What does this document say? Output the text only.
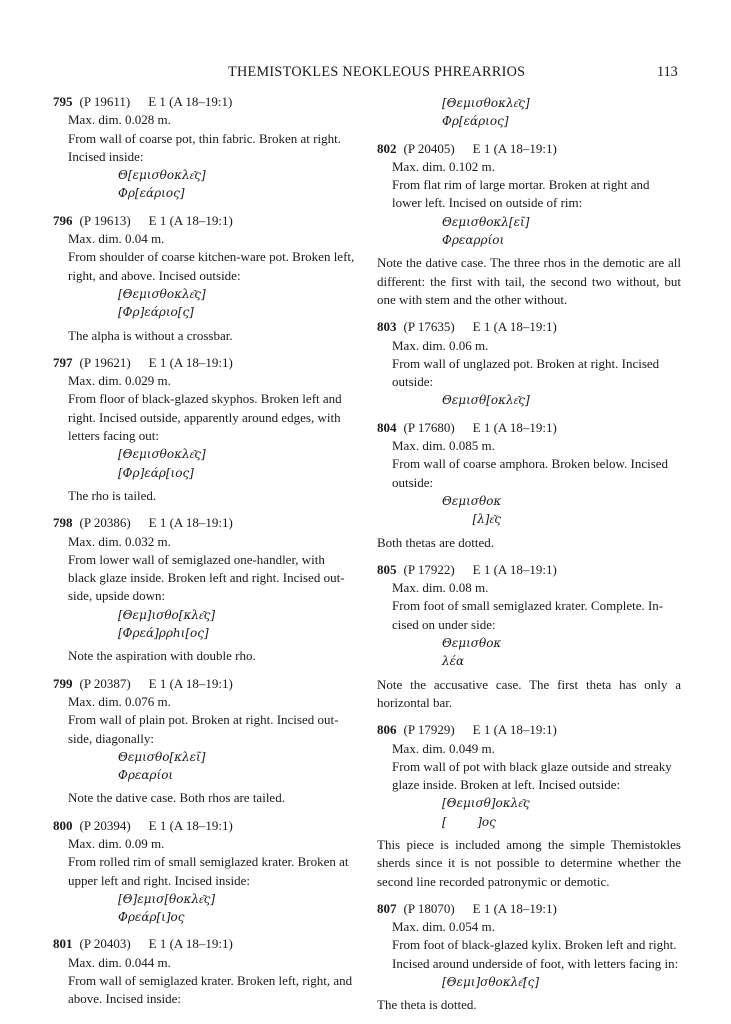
THEMISTOKLES NEOKLEOUS PHREARRIOS	113
795 (P 19611) E 1 (A 18–19:1)
Max. dim. 0.028 m.
From wall of coarse pot, thin fabric. Broken at right.
Incised inside:
Θ[εμισθοκλε͂ς]
Φρ[εάριος]
796 (P 19613) E 1 (A 18–19:1)
Max. dim. 0.04 m.
From shoulder of coarse kitchen-ware pot. Broken left,
right, and above. Incised outside:
[Θεμισθοκλε͂ς]
[Φρ]εάριο[ς]
The alpha is without a crossbar.
797 (P 19621) E 1 (A 18–19:1)
Max. dim. 0.029 m.
From floor of black-glazed skyphos. Broken left and
right. Incised outside, apparently around edges, with
letters facing out:
[Θεμισθοκλε͂ς]
[Φρ]εάρ[ιος]
The rho is tailed.
798 (P 20386) E 1 (A 18–19:1)
Max. dim. 0.032 m.
From lower wall of semiglazed one-handler, with
black glaze inside. Broken left and right. Incised out-
side, upside down:
[Θεμ]ισθο[κλε͂ς]
[Φρεά]ρρhι[ος]
Note the aspiration with double rho.
799 (P 20387) E 1 (A 18–19:1)
Max. dim. 0.076 m.
From wall of plain pot. Broken at right. Incised out-
side, diagonally:
Θεμισθο[κλεῖ]
Φρεαρίοι
Note the dative case. Both rhos are tailed.
800 (P 20394) E 1 (A 18–19:1)
Max. dim. 0.09 m.
From rolled rim of small semiglazed krater. Broken at
upper left and right. Incised inside:
[Θ]εμισ[θοκλε͂ς]
Φρεάρ[ι]ος
801 (P 20403) E 1 (A 18–19:1)
Max. dim. 0.044 m.
From wall of semiglazed krater. Broken left, right, and
above. Incised inside:
[Θεμισθοκλε͂ς]
Φρ[εάριος]
802 (P 20405) E 1 (A 18–19:1)
Max. dim. 0.102 m.
From flat rim of large mortar. Broken at right and
lower left. Incised on outside of rim:
Θεμισθοκλ[εῖ]
Φρεαρρίοι
Note the dative case. The three rhos in the demotic are all different: the first with tail, the second two without, but one with stem and the other without.
803 (P 17635) E 1 (A 18–19:1)
Max. dim. 0.06 m.
From wall of unglazed pot. Broken at right. Incised
outside:
Θεμισθ[οκλε͂ς]
804 (P 17680) E 1 (A 18–19:1)
Max. dim. 0.085 m.
From wall of coarse amphora. Broken below. Incised
outside:
Θεμισθοκ
[λ]ε͂ς
Both thetas are dotted.
805 (P 17922) E 1 (A 18–19:1)
Max. dim. 0.08 m.
From foot of small semiglazed krater. Complete. In-
cised on under side:
Θεμισθοκ
λέα
Note the accusative case. The first theta has only a horizontal bar.
806 (P 17929) E 1 (A 18–19:1)
Max. dim. 0.049 m.
From wall of pot with black glaze outside and streaky
glaze inside. Broken at left. Incised outside:
[Θεμισθ]οκλε͂ς
[        ]ος
This piece is included among the simple Themistokles sherds since it is not possible to determine whether the second line recorded patronymic or demotic.
807 (P 18070) E 1 (A 18–19:1)
Max. dim. 0.054 m.
From foot of black-glazed kylix. Broken left and right.
Incised around underside of foot, with letters facing in:
[Θεμι]σθοκλε͂[ς]
The theta is dotted.
